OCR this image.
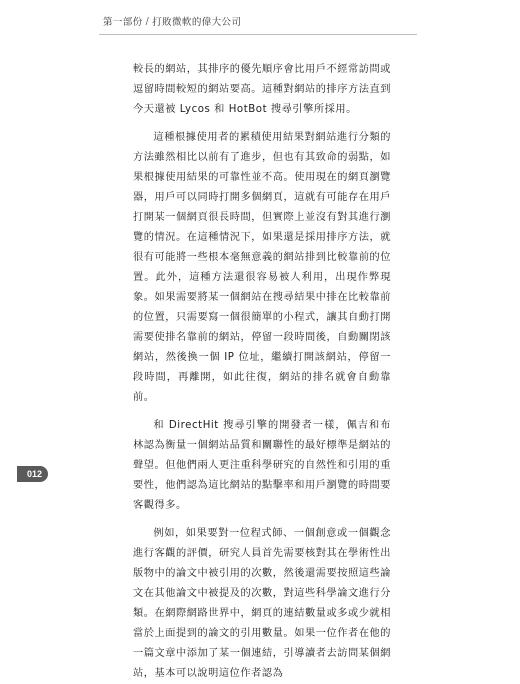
第一部份 / 打敗微軟的偉大公司

較長的網站，其排序的優先順序會比用戶不經常訪問或逗留時間較短的網站要高。這種對網站的排序方法直到今天還被 Lycos 和 HotBot 搜尋引擎所採用。

這種根據使用者的累積使用結果對網站進行分類的方法雖然相比以前有了進步，但也有其致命的弱點，如果根據使用結果的可靠性並不高。使用現在的網頁瀏覽器，用戶可以同時打開多個網頁，這就有可能存在用戶打開某一個網頁很長時間，但實際上並沒有對其進行瀏覽的情況。在這種情況下，如果還是採用排序方法，就很有可能將一些根本毫無意義的網站排到比較靠前的位置。此外，這種方法還很容易被人利用，出現作弊現象。如果需要將某一個網站在搜尋結果中排在比較靠前的位置，只需要寫一個很簡單的小程式，讓其自動打開需要使排名靠前的網站，停留一段時間後，自動關閉該網站，然後換一個 IP 位址，繼續打開該網站，停留一段時間，再離開，如此往復，網站的排名就會自動靠前。

和 DirectHit 搜尋引擎的開發者一樣，佩吉和布林認為衡量一個網站品質和關聯性的最好標準是網站的聲望。但他們兩人更注重科學研究的自然性和引用的重要性，他們認為這比網站的點擊率和用戶瀏覽的時間要客觀得多。

例如，如果要對一位程式師、一個創意或一個觀念進行客觀的評價，研究人員首先需要核對其在學術性出版物中的論文中被引用的次數，然後還需要按照這些論文在其他論文中被提及的次數，對這些科學論文進行分類。在網際網路世界中，網頁的連結數量或多或少就相當於上面提到的論文的引用數量。如果一位作者在他的一篇文章中添加了某一個連結，引導讀者去訪問某個網站，基本可以說明這位作者認為

012
